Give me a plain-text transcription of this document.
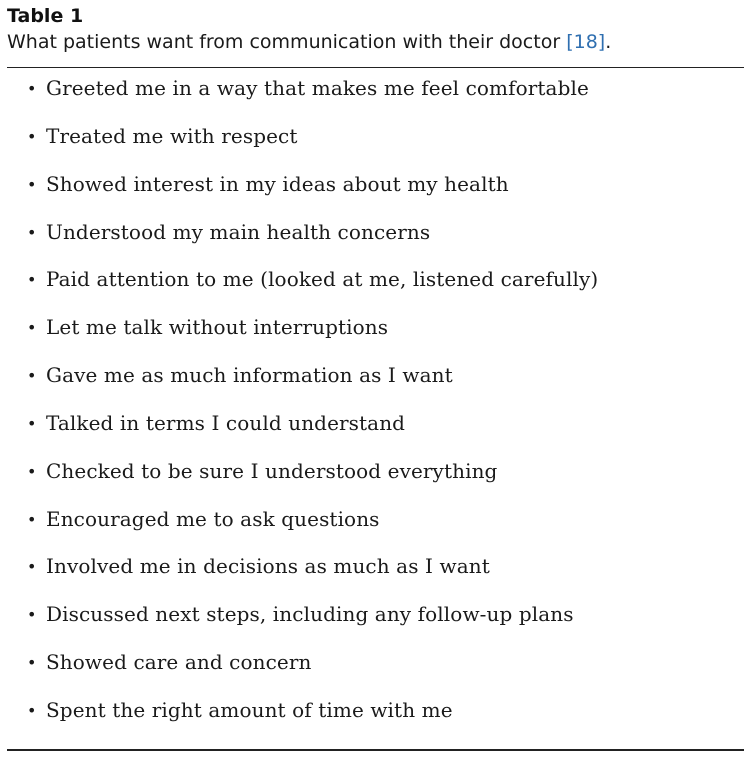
Table 1
What patients want from communication with their doctor [18].
• Greeted me in a way that makes me feel comfortable
• Treated me with respect
• Showed interest in my ideas about my health
• Understood my main health concerns
• Paid attention to me (looked at me, listened carefully)
• Let me talk without interruptions
• Gave me as much information as I want
• Talked in terms I could understand
• Checked to be sure I understood everything
• Encouraged me to ask questions
• Involved me in decisions as much as I want
• Discussed next steps, including any follow-up plans
• Showed care and concern
• Spent the right amount of time with me
